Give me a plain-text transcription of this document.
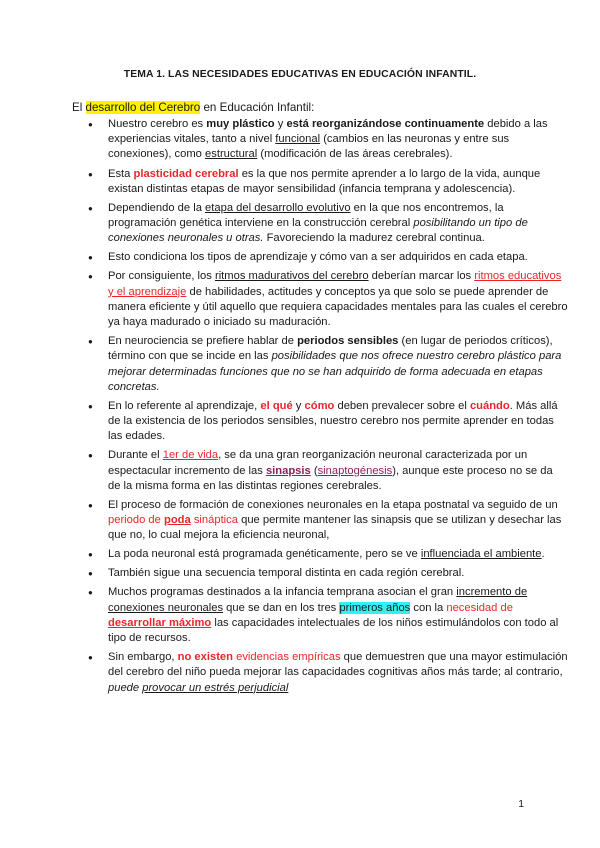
TEMA 1. LAS NECESIDADES EDUCATIVAS EN EDUCACIÓN INFANTIL.
El desarrollo del Cerebro en Educación Infantil:
● Nuestro cerebro es muy plástico y está reorganizándose continuamente debido a las experiencias vitales, tanto a nivel funcional (cambios en las neuronas y entre sus conexiones), como estructural (modificación de las áreas cerebrales).
● Esta plasticidad cerebral es la que nos permite aprender a lo largo de la vida, aunque existan distintas etapas de mayor sensibilidad (infancia temprana y adolescencia).
● Dependiendo de la etapa del desarrollo evolutivo en la que nos encontremos, la programación genética interviene en la construcción cerebral posibilitando un tipo de conexiones neuronales u otras. Favoreciendo la madurez cerebral continua.
● Esto condiciona los tipos de aprendizaje y cómo van a ser adquiridos en cada etapa.
● Por consiguiente, los ritmos madurativos del cerebro deberían marcar los ritmos educativos y el aprendizaje de habilidades, actitudes y conceptos ya que solo se puede aprender de manera eficiente y útil aquello que requiera capacidades mentales para las cuales el cerebro ya haya madurado o iniciado su maduración.
● En neurociencia se prefiere hablar de periodos sensibles (en lugar de periodos críticos), término con que se incide en las posibilidades que nos ofrece nuestro cerebro plástico para mejorar determinadas funciones que no se han adquirido de forma adecuada en etapas concretas.
● En lo referente al aprendizaje, el qué y cómo deben prevalecer sobre el cuándo. Más allá de la existencia de los periodos sensibles, nuestro cerebro nos permite aprender en todas las edades.
● Durante el 1er de vida, se da una gran reorganización neuronal caracterizada por un espectacular incremento de las sinapsis (sinaptogénesis), aunque este proceso no se da de la misma forma en las distintas regiones cerebrales.
● El proceso de formación de conexiones neuronales en la etapa postnatal va seguido de un periodo de poda sináptica que permite mantener las sinapsis que se utilizan y desechar las que no, lo cual mejora la eficiencia neuronal,
● La poda neuronal está programada genéticamente, pero se ve influenciada el ambiente.
● También sigue una secuencia temporal distinta en cada región cerebral.
● Muchos programas destinados a la infancia temprana asocian el gran incremento de conexiones neuronales que se dan en los tres primeros años con la necesidad de desarrollar máximo las capacidades intelectuales de los niños estimulándolos con todo al tipo de recursos.
● Sin embargo, no existen evidencias empíricas que demuestren que una mayor estimulación del cerebro del niño pueda mejorar las capacidades cognitivas años más tarde; al contrario, puede provocar un estrés perjudicial
1
